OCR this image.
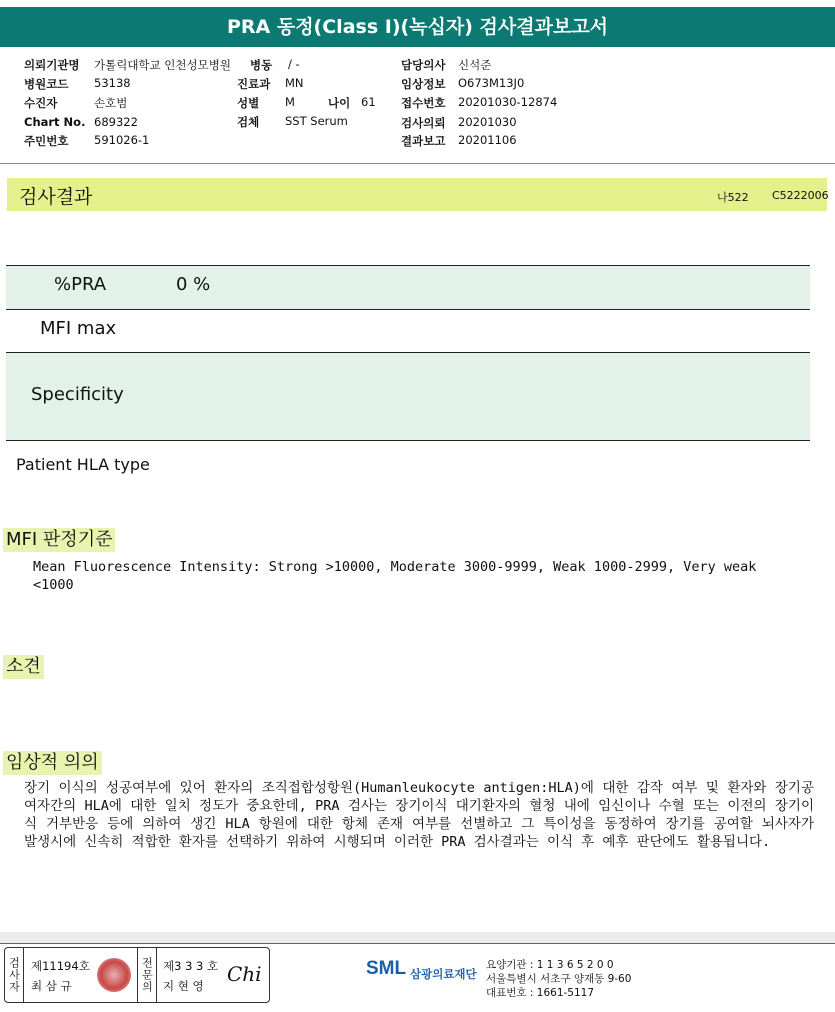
PRA 동정(Class I)(녹십자) 검사결과보고서
의뢰기관명 가톨릭대학교 인천성모병원 병동 / -	담당의사 신석준
병원코드 53138	진료과 MN	임상정보 O673M13J0
수진자	손호범	성별 M	나이 61 접수번호 20201030-12874
Chart No. 689322	검체 SST Serum	검사의뢰 20201030
주민번호 591026-1	결과보고 20201106
검사결과	나522 C5222006
%PRA	0 %
MFI max
Specificity
Patient HLA type
MFI 판정기준
Mean Fluorescence Intensity: Strong >10000, Moderate 3000-9999, Weak 1000-2999, Very weak
<1000
소견
임상적 의의
장기 이식의 성공여부에 있어 환자의 조직접합성항원(Humanleukocyte antigen:HLA)에 대한 감작 여부 및 환자와 장기공여자간의 HLA에 대한 일치 정도가 중요한데, PRA 검사는 장기이식 대기환자의 혈청 내에 임신이나 수혈 또는 이전의 장기이식 거부반응 등에 의하여 생긴 HLA 항원에 대한 항체 존재 여부를 선별하고 그 특이성을 동정하여 장기를 공여할 뇌사자가 발생시에 신속히 적합한 환자를 선택하기 위하여 시행되며 이러한 PRA 검사결과는 이식 후 예후 판단에도 활용됩니다.
검사자 제11194호
최 삼 규	전문의 제3 3 3 호
지 현 영 Chi	SML 삼광의료재단
요양기관 : 1 1 3 6 5 2 0 0
서울특별시 서초구 양재동 9-60
대표번호 : 1661-5117
